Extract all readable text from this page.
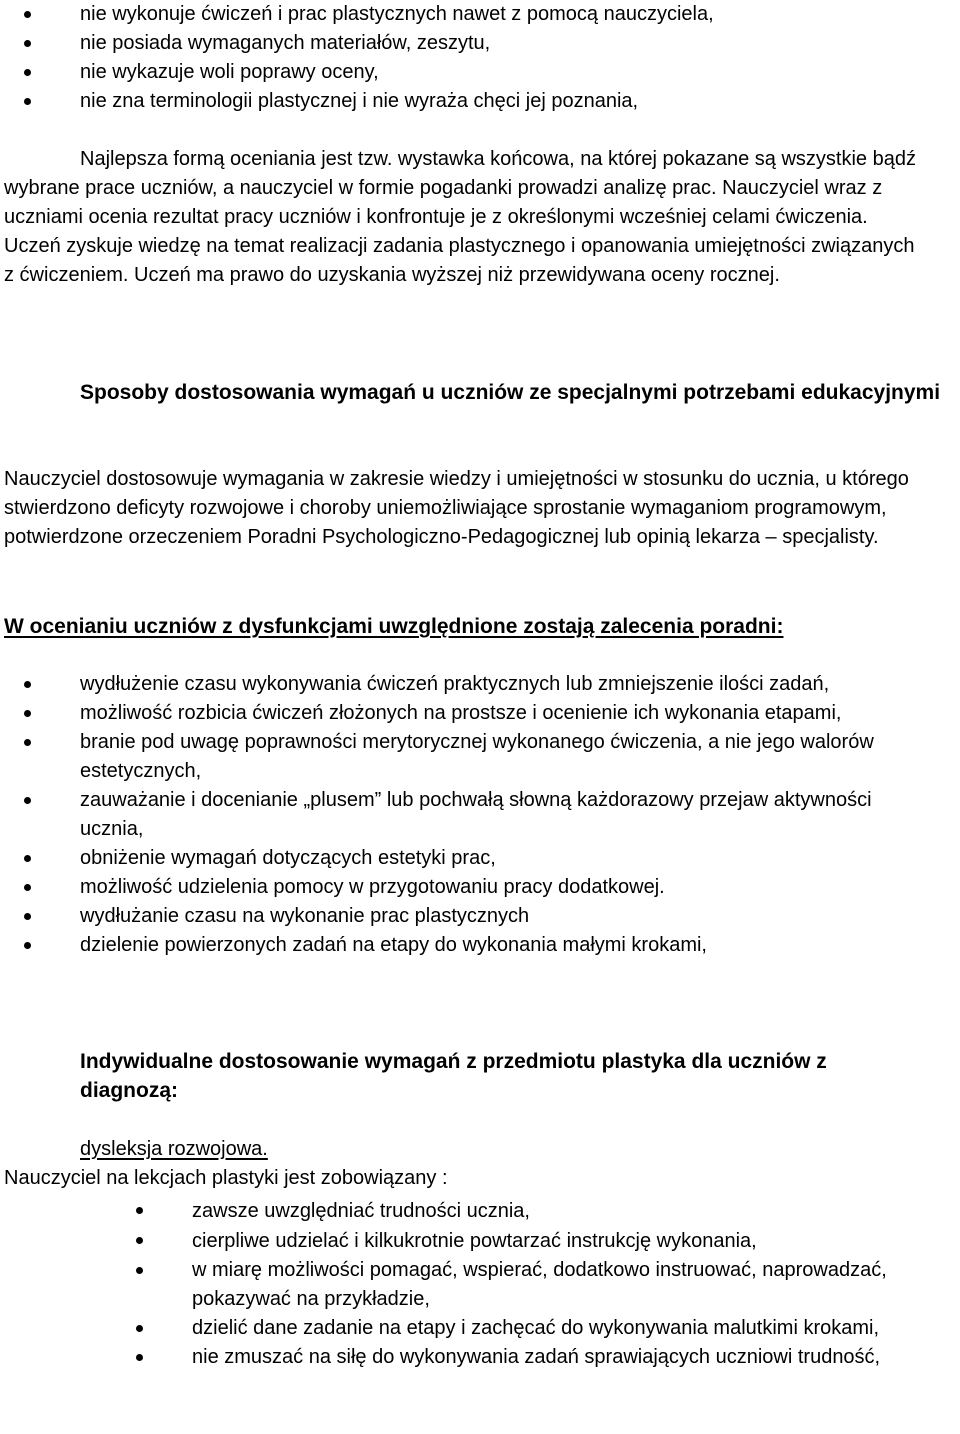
nie wykonuje ćwiczeń i prac plastycznych nawet z pomocą nauczyciela,
nie posiada wymaganych materiałów, zeszytu,
nie wykazuje woli poprawy oceny,
nie zna terminologii plastycznej i nie wyraża chęci jej poznania,

Najlepsza formą oceniania jest tzw. wystawka końcowa, na której pokazane są wszystkie bądź wybrane prace uczniów, a nauczyciel w formie pogadanki prowadzi analizę prac. Nauczyciel wraz z uczniami ocenia rezultat pracy uczniów i konfrontuje je z określonymi wcześniej celami ćwiczenia. Uczeń zyskuje wiedzę na temat realizacji zadania plastycznego i opanowania umiejętności związanych z ćwiczeniem. Uczeń ma prawo do uzyskania wyższej niż przewidywana oceny rocznej.

Sposoby dostosowania wymagań u uczniów ze specjalnymi potrzebami edukacyjnymi

Nauczyciel dostosowuje wymagania w zakresie wiedzy i umiejętności w stosunku do ucznia, u którego stwierdzono deficyty rozwojowe i choroby uniemożliwiające sprostanie wymaganiom programowym, potwierdzone orzeczeniem Poradni Psychologiczno-Pedagogicznej lub opinią lekarza – specjalisty.

W ocenianiu uczniów z dysfunkcjami uwzględnione zostają zalecenia poradni:

wydłużenie czasu wykonywania ćwiczeń praktycznych lub zmniejszenie ilości zadań,
możliwość rozbicia ćwiczeń złożonych na prostsze i ocenienie ich wykonania etapami,
branie pod uwagę poprawności merytorycznej wykonanego ćwiczenia, a nie jego walorów estetycznych,
zauważanie i docenianie „plusem” lub pochwałą słowną każdorazowy przejaw aktywności ucznia,
obniżenie wymagań dotyczących estetyki prac,
możliwość udzielenia pomocy w przygotowaniu pracy dodatkowej.
wydłużanie czasu na wykonanie prac plastycznych
dzielenie powierzonych zadań na etapy do wykonania małymi krokami,

Indywidualne dostosowanie wymagań z przedmiotu plastyka dla uczniów z diagnozą:

dysleksja rozwojowa.

Nauczyciel na lekcjach plastyki jest zobowiązany :

zawsze uwzględniać trudności ucznia,
cierpliwe udzielać i kilkukrotnie powtarzać instrukcję wykonania,
w miarę możliwości pomagać, wspierać, dodatkowo instruować, naprowadzać, pokazywać na przykładzie,
dzielić dane zadanie na etapy i zachęcać do wykonywania malutkimi krokami,
nie zmuszać na siłę do wykonywania zadań sprawiających uczniowi trudność,
